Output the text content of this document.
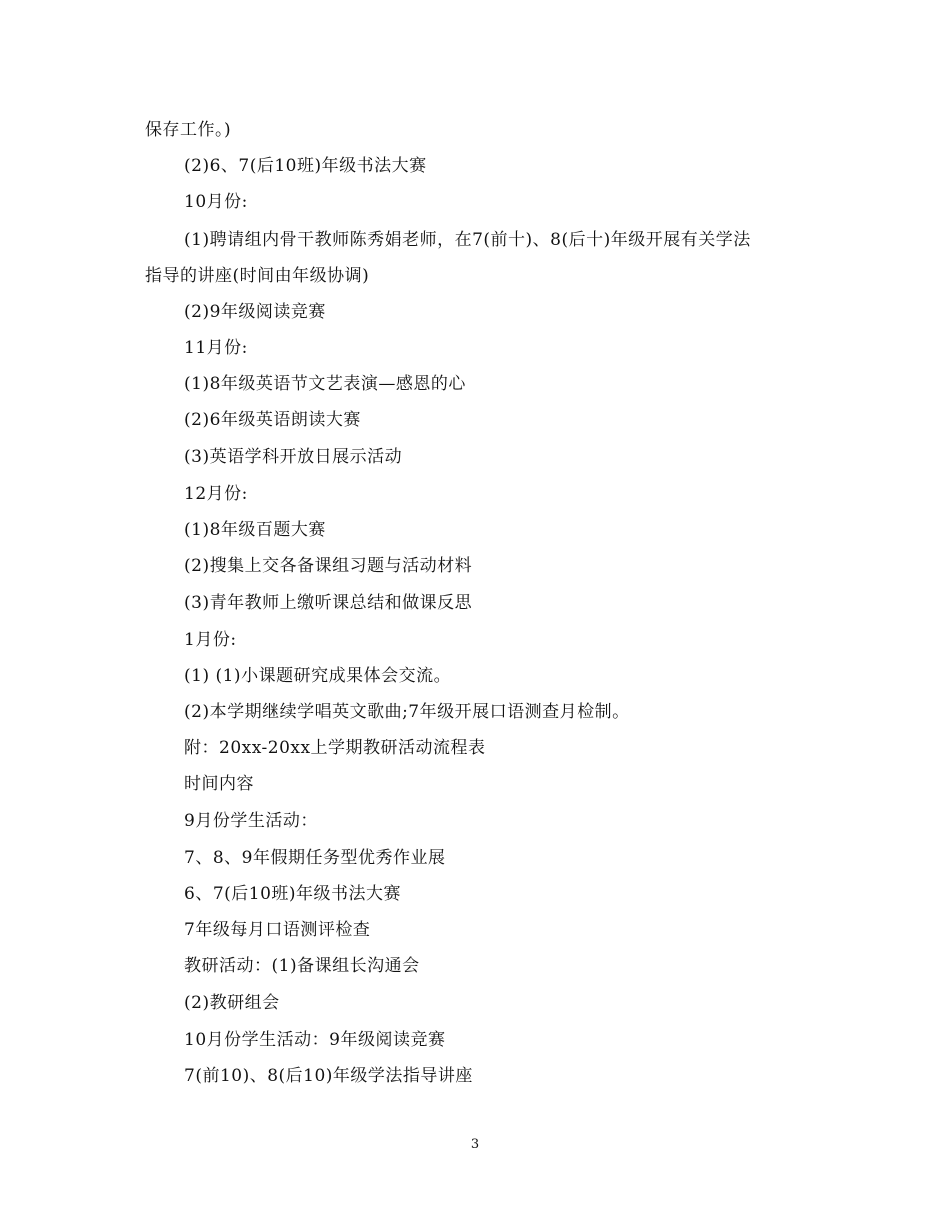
保存工作。)
(2)6、7(后10班)年级书法大赛
10月份:
(1)聘请组内骨干教师陈秀娟老师，在7(前十)、8(后十)年级开展有关学法
指导的讲座(时间由年级协调)
(2)9年级阅读竞赛
11月份:
(1)8年级英语节文艺表演—感恩的心
(2)6年级英语朗读大赛
(3)英语学科开放日展示活动
12月份:
(1)8年级百题大赛
(2)搜集上交各备课组习题与活动材料
(3)青年教师上缴听课总结和做课反思
1月份:
(1) (1)小课题研究成果体会交流。
(2)本学期继续学唱英文歌曲;7年级开展口语测查月检制。
附：20xx-20xx上学期教研活动流程表
时间内容
9月份学生活动：
7、8、9年假期任务型优秀作业展
6、7(后10班)年级书法大赛
7年级每月口语测评检查
教研活动：(1)备课组长沟通会
(2)教研组会
10月份学生活动：9年级阅读竞赛
7(前10)、8(后10)年级学法指导讲座
3
